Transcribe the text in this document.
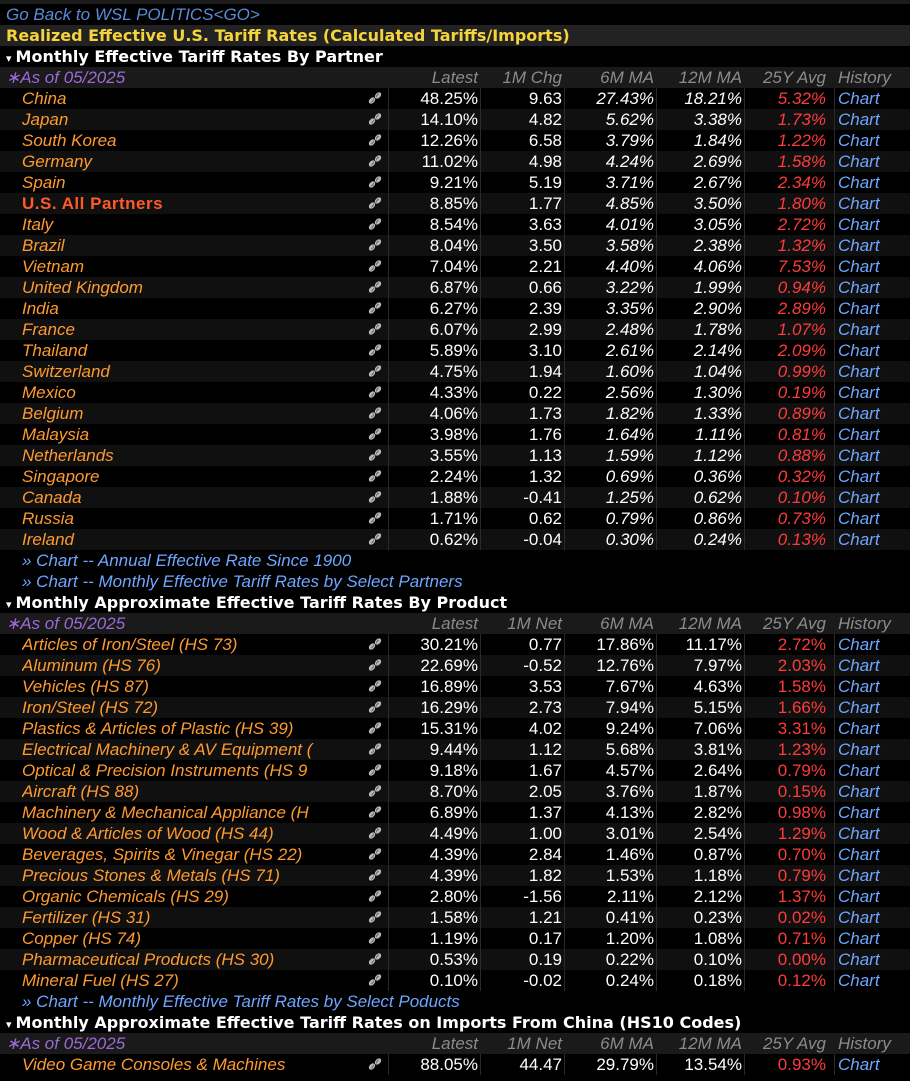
Go Back to WSL POLITICS<GO>
Realized Effective U.S. Tariff Rates (Calculated Tariffs/Imports)
▾ Monthly Effective Tariff Rates By Partner
∗As of 05/2025	Latest	1M Chg	6M MA	12M MA	25Y Avg History
China	48.25%	9.63	27.43%	18.21%	5.32% Chart
Japan	14.10%	4.82	5.62%	3.38%	1.73% Chart
South Korea	12.26%	6.58	3.79%	1.84%	1.22% Chart
Germany	11.02%	4.98	4.24%	2.69%	1.58% Chart
Spain	9.21%	5.19	3.71%	2.67%	2.34% Chart
U.S. All Partners	8.85%	1.77	4.85%	3.50%	1.80% Chart
Italy	8.54%	3.63	4.01%	3.05%	2.72% Chart
Brazil	8.04%	3.50	3.58%	2.38%	1.32% Chart
Vietnam	7.04%	2.21	4.40%	4.06%	7.53% Chart
United Kingdom	6.87%	0.66	3.22%	1.99%	0.94% Chart
India	6.27%	2.39	3.35%	2.90%	2.89% Chart
France	6.07%	2.99	2.48%	1.78%	1.07% Chart
Thailand	5.89%	3.10	2.61%	2.14%	2.09% Chart
Switzerland	4.75%	1.94	1.60%	1.04%	0.99% Chart
Mexico	4.33%	0.22	2.56%	1.30%	0.19% Chart
Belgium	4.06%	1.73	1.82%	1.33%	0.89% Chart
Malaysia	3.98%	1.76	1.64%	1.11%	0.81% Chart
Netherlands	3.55%	1.13	1.59%	1.12%	0.88% Chart
Singapore	2.24%	1.32	0.69%	0.36%	0.32% Chart
Canada	1.88%	-0.41	1.25%	0.62%	0.10% Chart
Russia	1.71%	0.62	0.79%	0.86%	0.73% Chart
Ireland	0.62%	-0.04	0.30%	0.24%	0.13% Chart
» Chart -- Annual Effective Rate Since 1900
» Chart -- Monthly Effective Tariff Rates by Select Partners
▾ Monthly Approximate Effective Tariff Rates By Product
∗As of 05/2025	Latest	1M Net	6M MA	12M MA	25Y Avg History
Articles of Iron/Steel (HS 73)	30.21%	0.77	17.86%	11.17%	2.72% Chart
Aluminum (HS 76)	22.69%	-0.52	12.76%	7.97%	2.03% Chart
Vehicles (HS 87)	16.89%	3.53	7.67%	4.63%	1.58% Chart
Iron/Steel (HS 72)	16.29%	2.73	7.94%	5.15%	1.66% Chart
Plastics & Articles of Plastic (HS 39)	15.31%	4.02	9.24%	7.06%	3.31% Chart
Electrical Machinery & AV Equipment (	9.44%	1.12	5.68%	3.81%	1.23% Chart
Optical & Precision Instruments (HS 9	9.18%	1.67	4.57%	2.64%	0.79% Chart
Aircraft (HS 88)	8.70%	2.05	3.76%	1.87%	0.15% Chart
Machinery & Mechanical Appliance (H	6.89%	1.37	4.13%	2.82%	0.98% Chart
Wood & Articles of Wood (HS 44)	4.49%	1.00	3.01%	2.54%	1.29% Chart
Beverages, Spirits & Vinegar (HS 22)	4.39%	2.84	1.46%	0.87%	0.70% Chart
Precious Stones & Metals (HS 71)	4.39%	1.82	1.53%	1.18%	0.79% Chart
Organic Chemicals (HS 29)	2.80%	-1.56	2.11%	2.12%	1.37% Chart
Fertilizer (HS 31)	1.58%	1.21	0.41%	0.23%	0.02% Chart
Copper (HS 74)	1.19%	0.17	1.20%	1.08%	0.71% Chart
Pharmaceutical Products (HS 30)	0.53%	0.19	0.22%	0.10%	0.00% Chart
Mineral Fuel (HS 27)	0.10%	-0.02	0.24%	0.18%	0.12% Chart
» Chart -- Monthly Effective Tariff Rates by Select Poducts
▾ Monthly Approximate Effective Tariff Rates on Imports From China (HS10 Codes)
∗As of 05/2025	Latest	1M Net	6M MA	12M MA	25Y Avg History
Video Game Consoles & Machines	88.05%	44.47	29.79%	13.54%	0.93% Chart
